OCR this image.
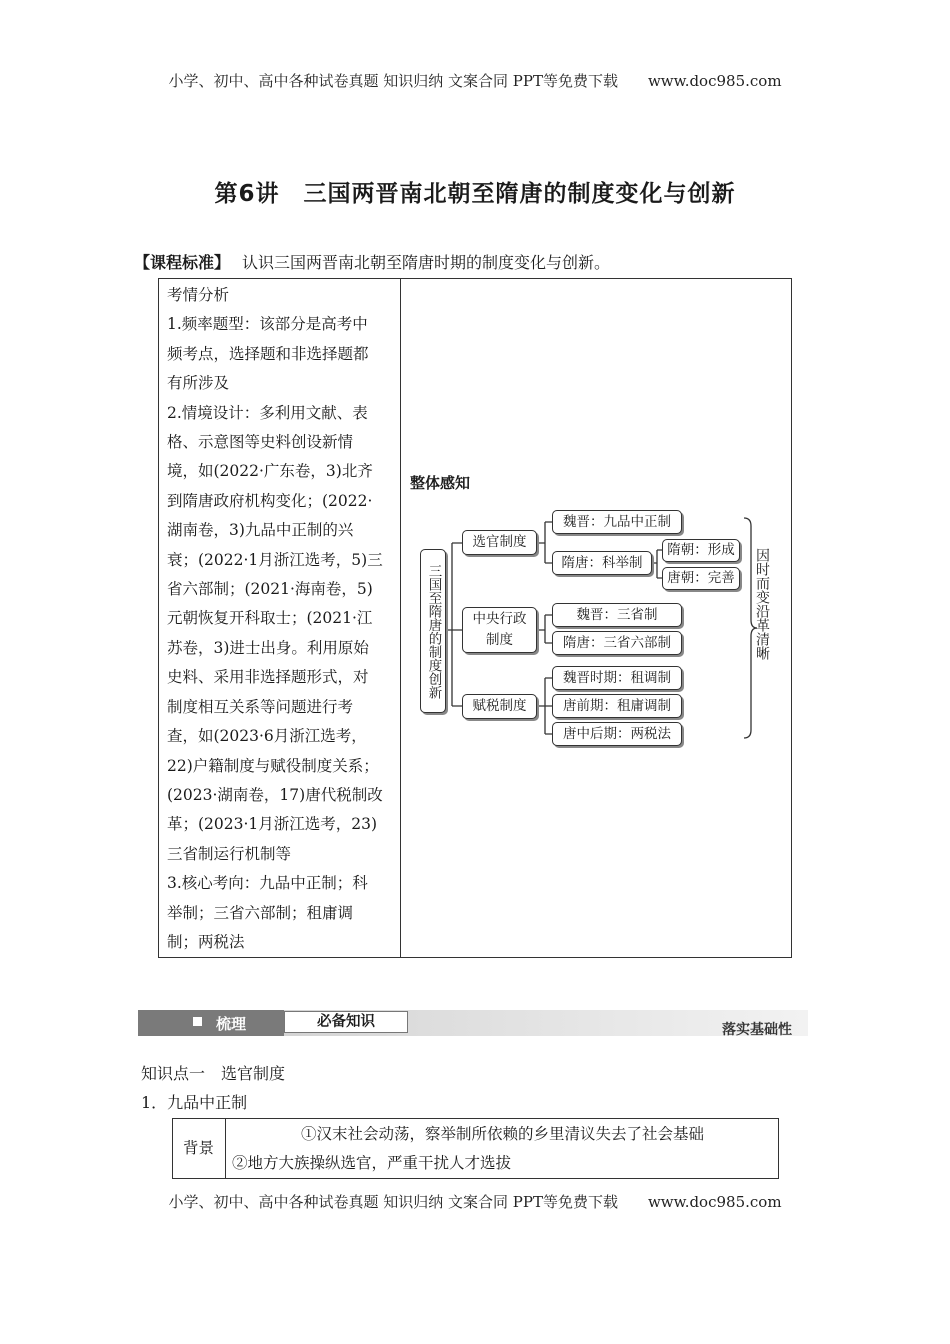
小学、初中、高中各种试卷真题 知识归纳 文案合同 PPT等免费下载 www.doc985.com
第6讲　三国两晋南北朝至隋唐的制度变化与创新
【课程标准】 认识三国两晋南北朝至隋唐时期的制度变化与创新。
考情分析
1.频率题型：该部分是高考中
频考点，选择题和非选择题都
有所涉及
2.情境设计：多利用文献、表
格、示意图等史料创设新情
境，如(2022·广东卷，3)北齐
到隋唐政府机构变化；(2022·
湖南卷，3)九品中正制的兴
衰；(2022·1月浙江选考，5)三
省六部制；(2021·海南卷，5)
元朝恢复开科取士；(2021·江
苏卷，3)进士出身。利用原始
史料、采用非选择题形式，对
制度相互关系等问题进行考
查，如(2023·6月浙江选考，
22)户籍制度与赋役制度关系；
(2023·湖南卷，17)唐代税制改
革；(2023·1月浙江选考，23)
三省制运行机制等
3.核心考向：九品中正制；科
举制；三省六部制；租庸调
制；两税法
整体感知
三国至隋唐的制度创新
选官制度
中央行政
制度
赋税制度
魏晋：九品中正制
隋唐：科举制
隋朝：形成
唐朝：完善
魏晋：三省制
隋唐：三省六部制
魏晋时期：租调制
唐前期：租庸调制
唐中后期：两税法
因时而变沿革清晰
梳理	必备知识	落实基础性
知识点一　选官制度
1．九品中正制
背景
①汉末社会动荡，察举制所依赖的乡里清议失去了社会基础
②地方大族操纵选官，严重干扰人才选拔
小学、初中、高中各种试卷真题 知识归纳 文案合同 PPT等免费下载 www.doc985.com
